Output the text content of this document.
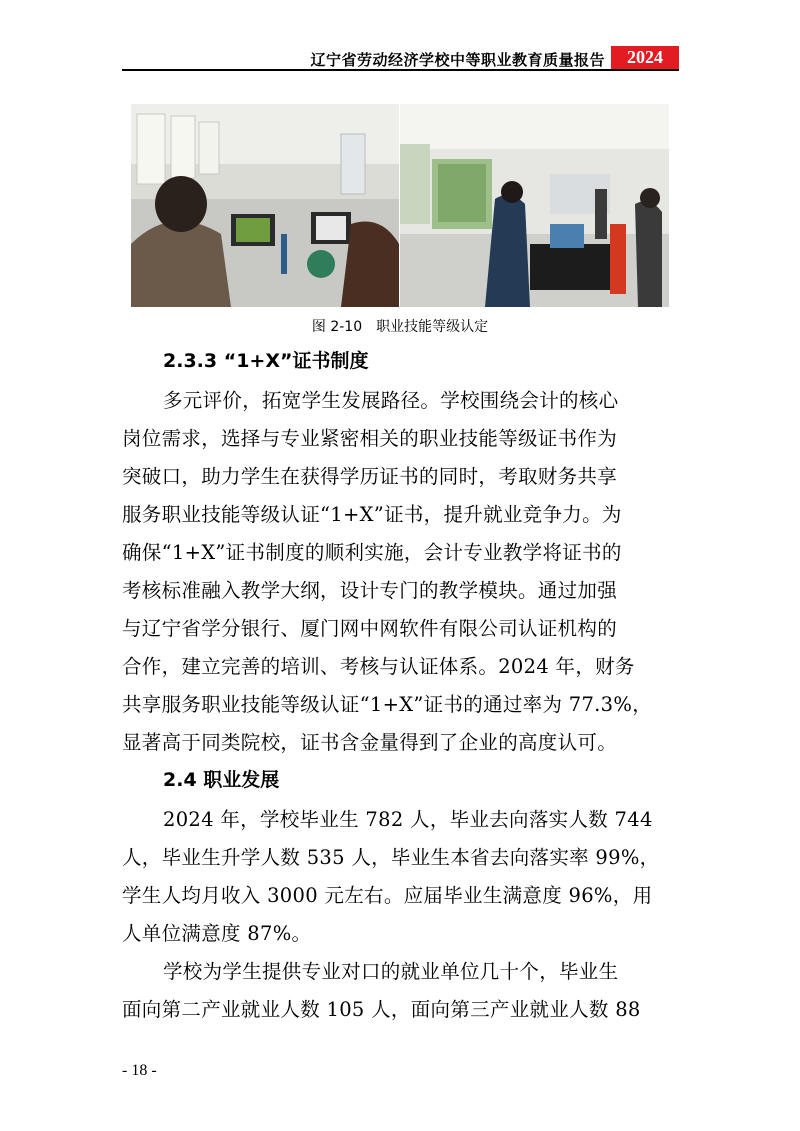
辽宁省劳动经济学校中等职业教育质量报告	2024
图 2-10　职业技能等级认定
2.3.3 “1+X”证书制度
多元评价，拓宽学生发展路径。学校围绕会计的核心
岗位需求，选择与专业紧密相关的职业技能等级证书作为
突破口，助力学生在获得学历证书的同时，考取财务共享
服务职业技能等级认证“1+X”证书，提升就业竞争力。为
确保“1+X”证书制度的顺利实施，会计专业教学将证书的
考核标准融入教学大纲，设计专门的教学模块。通过加强
与辽宁省学分银行、厦门网中网软件有限公司认证机构的
合作，建立完善的培训、考核与认证体系。2024 年，财务
共享服务职业技能等级认证“1+X”证书的通过率为 77.3%，
显著高于同类院校，证书含金量得到了企业的高度认可。
2.4 职业发展
2024 年，学校毕业生 782 人，毕业去向落实人数 744
人，毕业生升学人数 535 人，毕业生本省去向落实率 99%，
学生人均月收入 3000 元左右。应届毕业生满意度 96%，用
人单位满意度 87%。
学校为学生提供专业对口的就业单位几十个，毕业生
面向第二产业就业人数 105 人，面向第三产业就业人数 88
- 18 -
